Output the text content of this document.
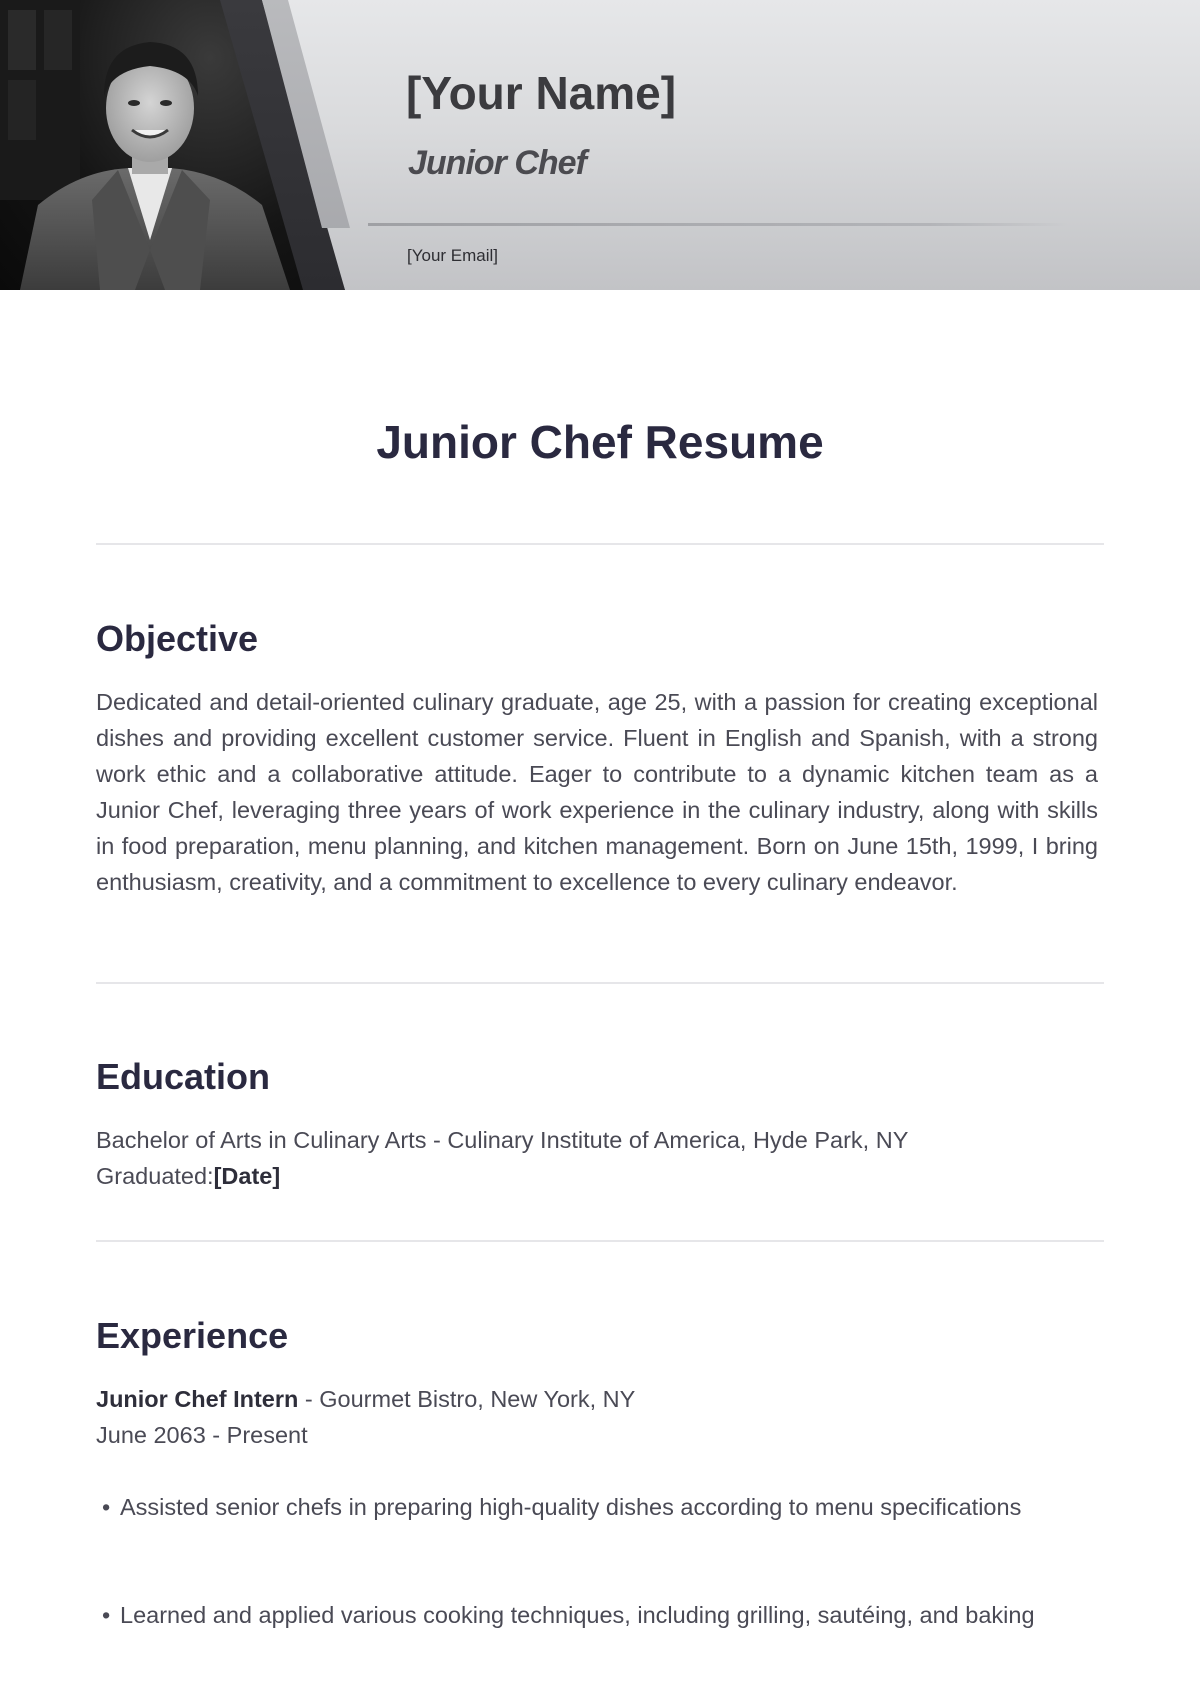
[Your Name]
Junior Chef
[Your Email]
Junior Chef Resume
Objective

Dedicated and detail-oriented culinary graduate, age 25, with a passion for creating exceptional dishes and providing excellent customer service. Fluent in English and Spanish, with a strong work ethic and a collaborative attitude. Eager to contribute to a dynamic kitchen team as a Junior Chef, leveraging three years of work experience in the culinary industry, along with skills in food preparation, menu planning, and kitchen management. Born on June 15th, 1999, I bring enthusiasm, creativity, and a commitment to excellence to every culinary endeavor.

Education

Bachelor of Arts in Culinary Arts - Culinary Institute of America, Hyde Park, NY

Graduated:[Date]

Experience

Junior Chef Intern - Gourmet Bistro, New York, NY

June 2063 - Present

• Assisted senior chefs in preparing high-quality dishes according to menu specifications
• Learned and applied various cooking techniques, including grilling, sautéing, and baking
